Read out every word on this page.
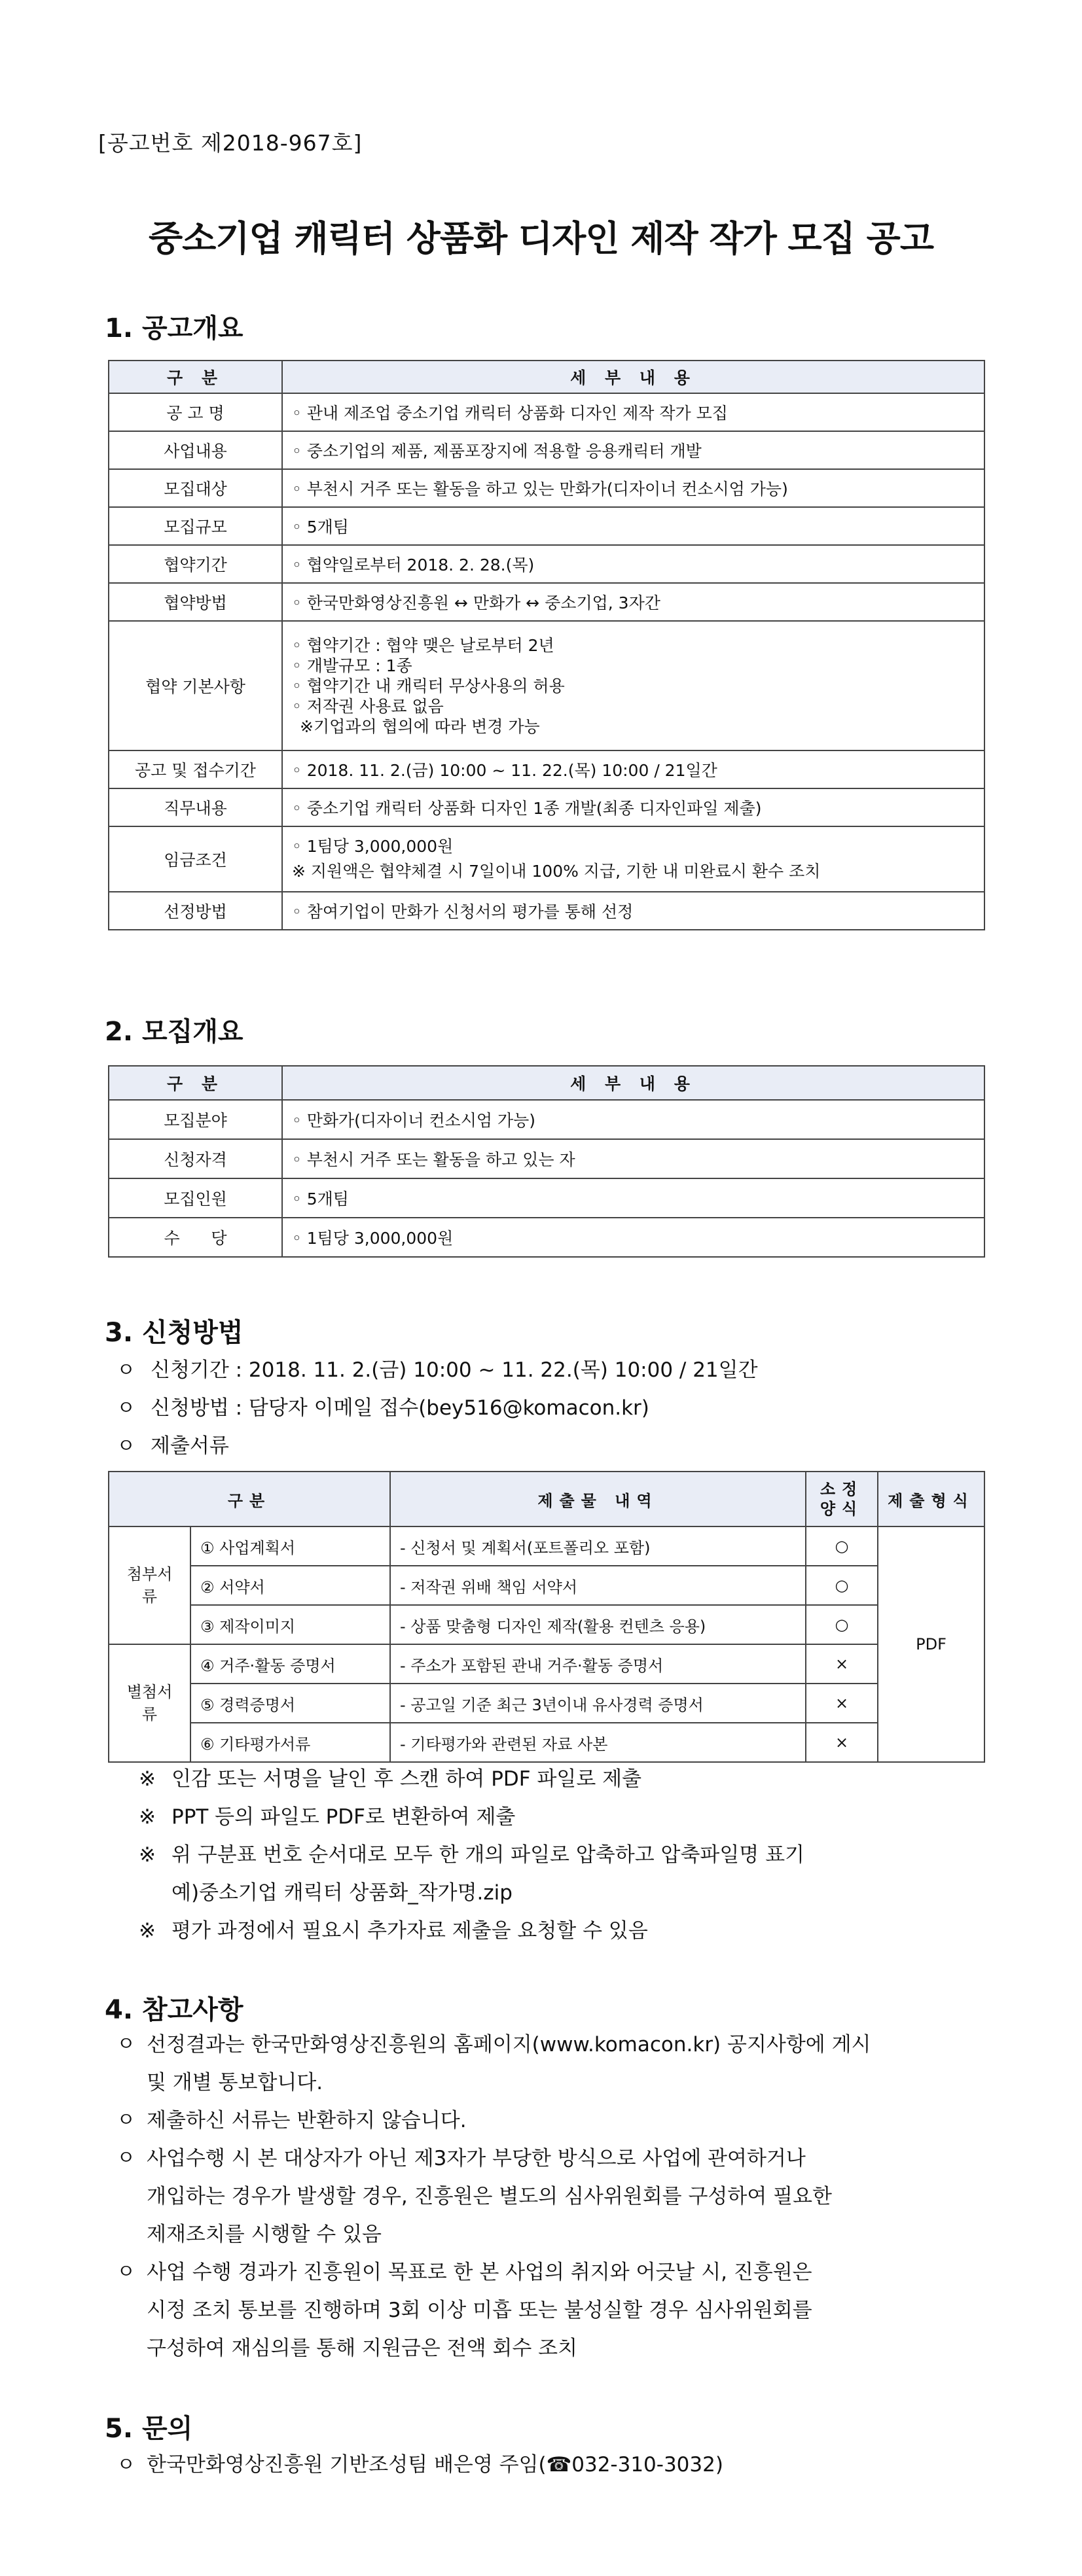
[공고번호 제2018-967호]
중소기업 캐릭터 상품화 디자인 제작 작가 모집 공고
1. 공고개요
구 분	세 부 내 용
공 고 명	◦ 관내 제조업 중소기업 캐릭터 상품화 디자인 제작 작가 모집
사업내용	◦ 중소기업의 제품, 제품포장지에 적용할 응용캐릭터 개발
모집대상	◦ 부천시 거주 또는 활동을 하고 있는 만화가(디자이너 컨소시엄 가능)
모집규모	◦ 5개팀
협약기간	◦ 협약일로부터 2018. 2. 28.(목)
협약방법	◦ 한국만화영상진흥원 ↔ 만화가 ↔ 중소기업, 3자간
협약 기본사항	◦ 협약기간 : 협약 맺은 날로부터 2년
◦ 개발규모 : 1종
◦ 협약기간 내 캐릭터 무상사용의 허용
◦ 저작권 사용료 없음
※기업과의 협의에 따라 변경 가능

공고 및 접수기간	◦ 2018. 11. 2.(금) 10:00 ~ 11. 22.(목) 10:00 / 21일간
직무내용	◦ 중소기업 캐릭터 상품화 디자인 1종 개발(최종 디자인파일 제출)
임금조건	◦ 1팀당 3,000,000원
※ 지원액은 협약체결 시 7일이내 100% 지급, 기한 내 미완료시 환수 조치

선정방법	◦ 참여기업이 만화가 신청서의 평가를 통해 선정
2. 모집개요
구 분	세 부 내 용
모집분야	◦ 만화가(디자이너 컨소시엄 가능)
신청자격	◦ 부천시 거주 또는 활동을 하고 있는 자
모집인원	◦ 5개팀
수      당	◦ 1팀당 3,000,000원
3. 신청방법
ㅇ 신청기간 : 2018. 11. 2.(금) 10:00 ~ 11. 22.(목) 10:00 / 21일간
ㅇ 신청방법 : 담당자 이메일 접수(bey516@komacon.kr)
ㅇ 제출서류
구분		제출물 내역	소정양식	제출형식
첨부서류	① 사업계획서	- 신청서 및 계획서(포트폴리오 포함)	○	PDF
	② 서약서	- 저작권 위배 책임 서약서	○	
	③ 제작이미지	- 상품 맞춤형 디자인 제작(활용 컨텐츠 응용)	○	
별첨서류	④ 거주·활동 증명서	- 주소가 포함된 관내 거주·활동 증명서	×	
	⑤ 경력증명서	- 공고일 기준 최근 3년이내 유사경력 증명서	×	
	⑥ 기타평가서류	- 기타평가와 관련된 자료 사본	×	
※ 인감 또는 서명을 날인 후 스캔 하여 PDF 파일로 제출
※ PPT 등의 파일도 PDF로 변환하여 제출
※ 위 구분표 번호 순서대로 모두 한 개의 파일로 압축하고 압축파일명 표기
예)중소기업 캐릭터 상품화_작가명.zip
※ 평가 과정에서 필요시 추가자료 제출을 요청할 수 있음
4. 참고사항
ㅇ 선정결과는 한국만화영상진흥원의 홈페이지(www.komacon.kr) 공지사항에 게시
및 개별 통보합니다.
ㅇ 제출하신 서류는 반환하지 않습니다.
ㅇ 사업수행 시 본 대상자가 아닌 제3자가 부당한 방식으로 사업에 관여하거나
개입하는 경우가 발생할 경우, 진흥원은 별도의 심사위원회를 구성하여 필요한
제재조치를 시행할 수 있음
ㅇ 사업 수행 경과가 진흥원이 목표로 한 본 사업의 취지와 어긋날 시, 진흥원은
시정 조치 통보를 진행하며 3회 이상 미흡 또는 불성실할 경우 심사위원회를
구성하여 재심의를 통해 지원금은 전액 회수 조치
5. 문의
ㅇ 한국만화영상진흥원 기반조성팀 배은영 주임(☎032-310-3032)
